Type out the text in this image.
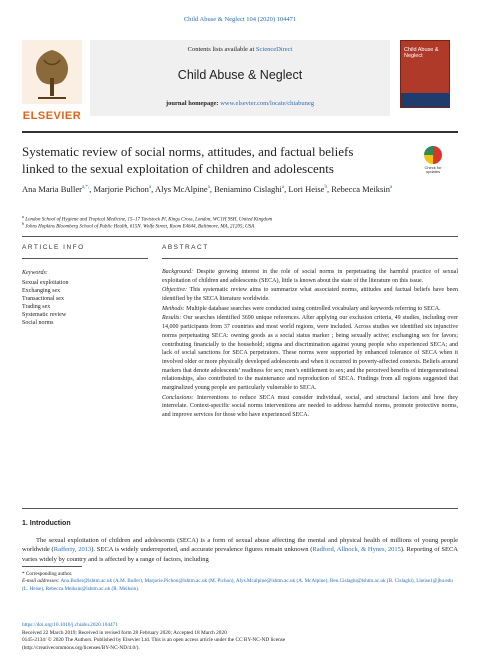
Child Abuse & Neglect 104 (2020) 104471
ELSEVIER
Contents lists available at ScienceDirect
Child Abuse & Neglect
journal homepage: www.elsevier.com/locate/chiabuneg
Child Abuse & Neglect
Systematic review of social norms, attitudes, and factual beliefs linked to the sexual exploitation of children and adolescents	Check for updates
Ana Maria Buller$^{a,*,}$, Marjorie Pichon$^a$, Alys McAlpine$^a$, Beniamino Cislaghi$^a$, Lori Heise$^b$, Rebecca Meiksin$^a$
$^a$ London School of Hygiene and Tropical Medicine, 15–17 Tavistock Pl, Kings Cross, London, WC1H 9SH, United Kingdom
$^b$ Johns Hopkins Bloomberg School of Public Health, 615N. Wolfe Street, Room E4644, Baltimore, MA, 21205, USA
ARTICLE INFO	ABSTRACT
Keywords:
Sexual exploitation
Exchanging sex
Transactional sex
Trading sex
Systematic review
Social norms

Background: Despite growing interest in the role of social norms in perpetuating the harmful practice of sexual exploitation of children and adolescents (SECA), little is known about the state of the literature on this issue.

Objective: This systematic review aims to summarize what associated norms, attitudes and factual beliefs have been identified by the SECA literature worldwide.

Methods: Multiple database searches were conducted using controlled vocabulary and keywords referring to SECA.

Results: Our searches identified 3690 unique references. After applying our exclusion criteria, 49 studies, including over 14,000 participants from 37 countries and most world regions, were included. Across studies we identified six injunctive norms perpetuating SECA: owning goods as a social status marker ; being sexually active; exchanging sex for favors; contributing financially to the household; stigma and discrimination against young people who experienced SECA; and lack of social sanctions for SECA perpetrators. These norms were supported by enhanced tolerance of SECA when it involved older or more physically developed adolescents and when it occurred in poverty-affected contexts. Beliefs around markers that denote adolescents’ readiness for sex; men’s entitlement to sex; and the perceived benefits of intergenerational relationships, also contributed to the maintenance and reproduction of SECA. Findings from all regions suggested that marginalized young people are particularly vulnerable to SECA.

Conclusions: Interventions to reduce SECA must consider individual, social, and structural factors and how they interrelate. Context-specific social norms interventions are needed to address harmful norms, promote protective norms, and improve services for those who have experienced SECA.

1. Introduction
The sexual exploitation of children and adolescents (SECA) is a form of sexual abuse affecting the mental and physical health of millions of young people worldwide (Rafferty, 2013). SECA is widely underreported, and accurate prevalence figures remain unknown (Radford, Allnock, & Hynes, 2015). Reporting of SECA varies widely by country and is affected by a range of factors, including
* Corresponding author.
E-mail addresses: Ana.Buller@lshtm.ac.uk (A.M. Buller), Marjorie.Pichon@lshtm.ac.uk (M. Pichon), Alys.Mcalpine@lshtm.ac.uk (A. McAlpine), Ben.Cislaghi@lshtm.ac.uk (B. Cislaghi), Lheise1@jhu.edu (L. Heise), Rebecca.Meiksin@lshtm.ac.uk (R. Meiksin).
https://doi.org/10.1016/j.chiabu.2020.104471
Received 22 March 2019; Received in revised form 28 February 2020; Accepted 18 March 2020
0145-2134/ © 2020 The Authors. Published by Elsevier Ltd. This is an open access article under the CC BY-NC-ND license
(http://creativecommons.org/licenses/BY-NC-ND/4.0/).
